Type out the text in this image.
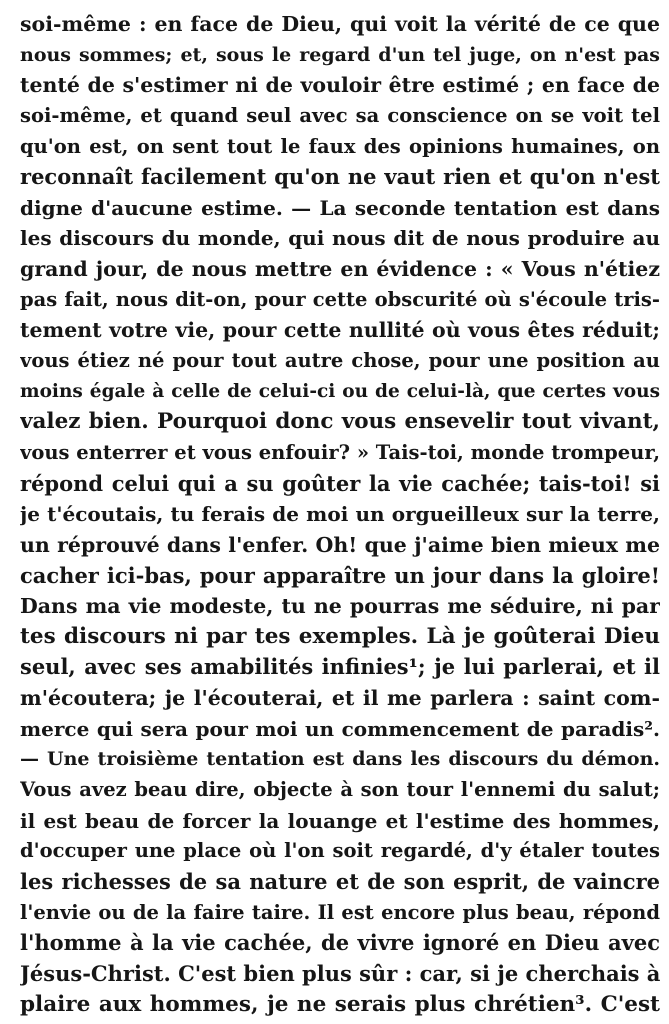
soi-même : en face de Dieu, qui voit la vérité de ce que
nous sommes; et, sous le regard d'un tel juge, on n'est pas
tenté de s'estimer ni de vouloir être estimé ; en face de
soi-même, et quand seul avec sa conscience on se voit tel
qu'on est, on sent tout le faux des opinions humaines, on
reconnaît facilement qu'on ne vaut rien et qu'on n'est
digne d'aucune estime. — La seconde tentation est dans
les discours du monde, qui nous dit de nous produire au
grand jour, de nous mettre en évidence : « Vous n'étiez
pas fait, nous dit-on, pour cette obscurité où s'écoule tris-
tement votre vie, pour cette nullité où vous êtes réduit;
vous étiez né pour tout autre chose, pour une position au
moins égale à celle de celui-ci ou de celui-là, que certes vous
valez bien. Pourquoi donc vous ensevelir tout vivant,
vous enterrer et vous enfouir? » Tais-toi, monde trompeur,
répond celui qui a su goûter la vie cachée; tais-toi! si
je t'écoutais, tu ferais de moi un orgueilleux sur la terre,
un réprouvé dans l'enfer. Oh! que j'aime bien mieux me
cacher ici-bas, pour apparaître un jour dans la gloire!
Dans ma vie modeste, tu ne pourras me séduire, ni par
tes discours ni par tes exemples. Là je goûterai Dieu
seul, avec ses amabilités infinies¹; je lui parlerai, et il
m'écoutera; je l'écouterai, et il me parlera : saint com-
merce qui sera pour moi un commencement de paradis².
— Une troisième tentation est dans les discours du démon.
Vous avez beau dire, objecte à son tour l'ennemi du salut;
il est beau de forcer la louange et l'estime des hommes,
d'occuper une place où l'on soit regardé, d'y étaler toutes
les richesses de sa nature et de son esprit, de vaincre
l'envie ou de la faire taire. Il est encore plus beau, répond
l'homme à la vie cachée, de vivre ignoré en Dieu avec
Jésus-Christ. C'est bien plus sûr : car, si je cherchais à
plaire aux hommes, je ne serais plus chrétien³. C'est
